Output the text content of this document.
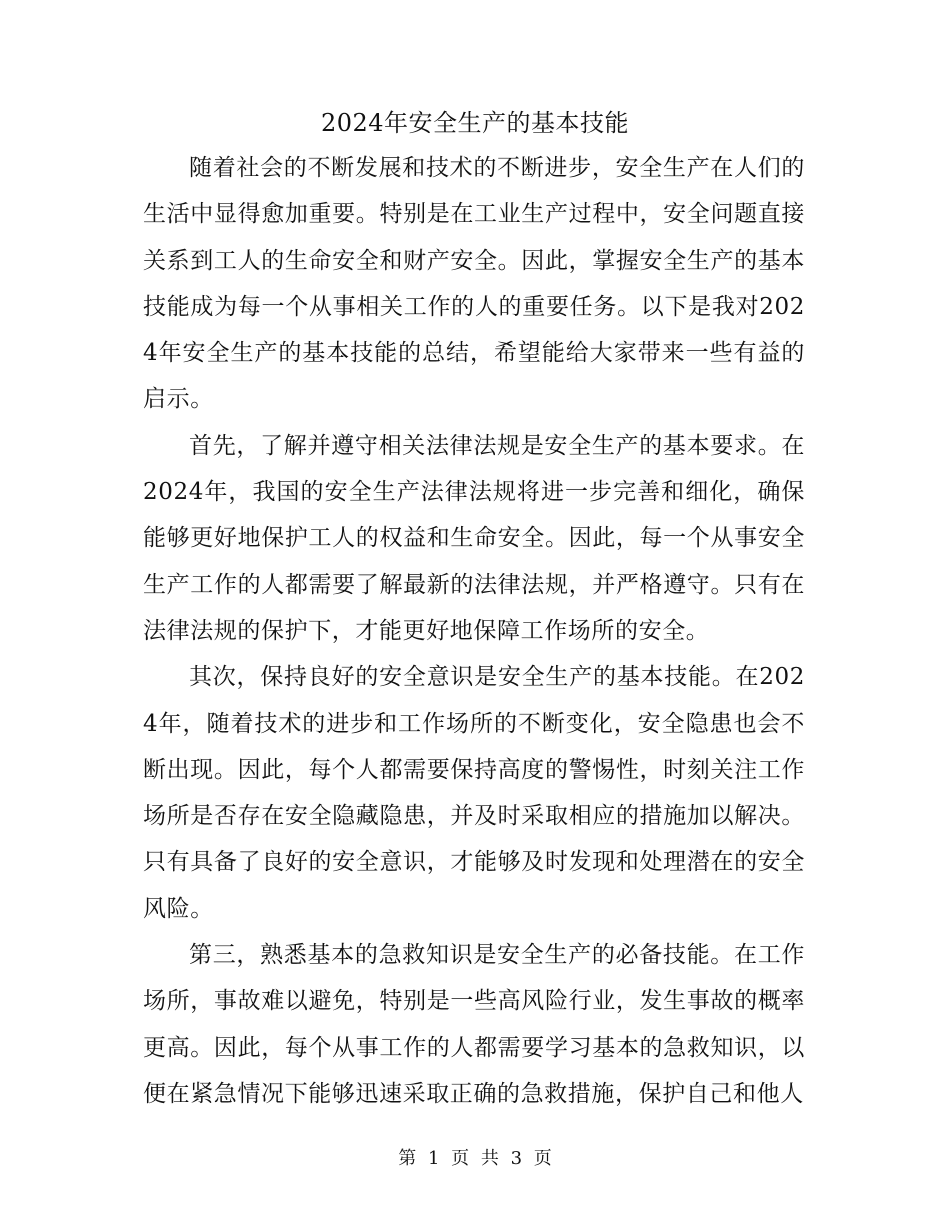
2024年安全生产的基本技能

随着社会的不断发展和技术的不断进步，安全生产在人们的生活中显得愈加重要。特别是在工业生产过程中，安全问题直接关系到工人的生命安全和财产安全。因此，掌握安全生产的基本技能成为每一个从事相关工作的人的重要任务。以下是我对2024年安全生产的基本技能的总结，希望能给大家带来一些有益的启示。

首先，了解并遵守相关法律法规是安全生产的基本要求。在2024年，我国的安全生产法律法规将进一步完善和细化，确保能够更好地保护工人的权益和生命安全。因此，每一个从事安全生产工作的人都需要了解最新的法律法规，并严格遵守。只有在法律法规的保护下，才能更好地保障工作场所的安全。

其次，保持良好的安全意识是安全生产的基本技能。在2024年，随着技术的进步和工作场所的不断变化，安全隐患也会不断出现。因此，每个人都需要保持高度的警惕性，时刻关注工作场所是否存在安全隐藏隐患，并及时采取相应的措施加以解决。只有具备了良好的安全意识，才能够及时发现和处理潜在的安全风险。

第三，熟悉基本的急救知识是安全生产的必备技能。在工作场所，事故难以避免，特别是一些高风险行业，发生事故的概率更高。因此，每个从事工作的人都需要学习基本的急救知识，以便在紧急情况下能够迅速采取正确的急救措施，保护自己和他人

第 1 页 共 3 页
